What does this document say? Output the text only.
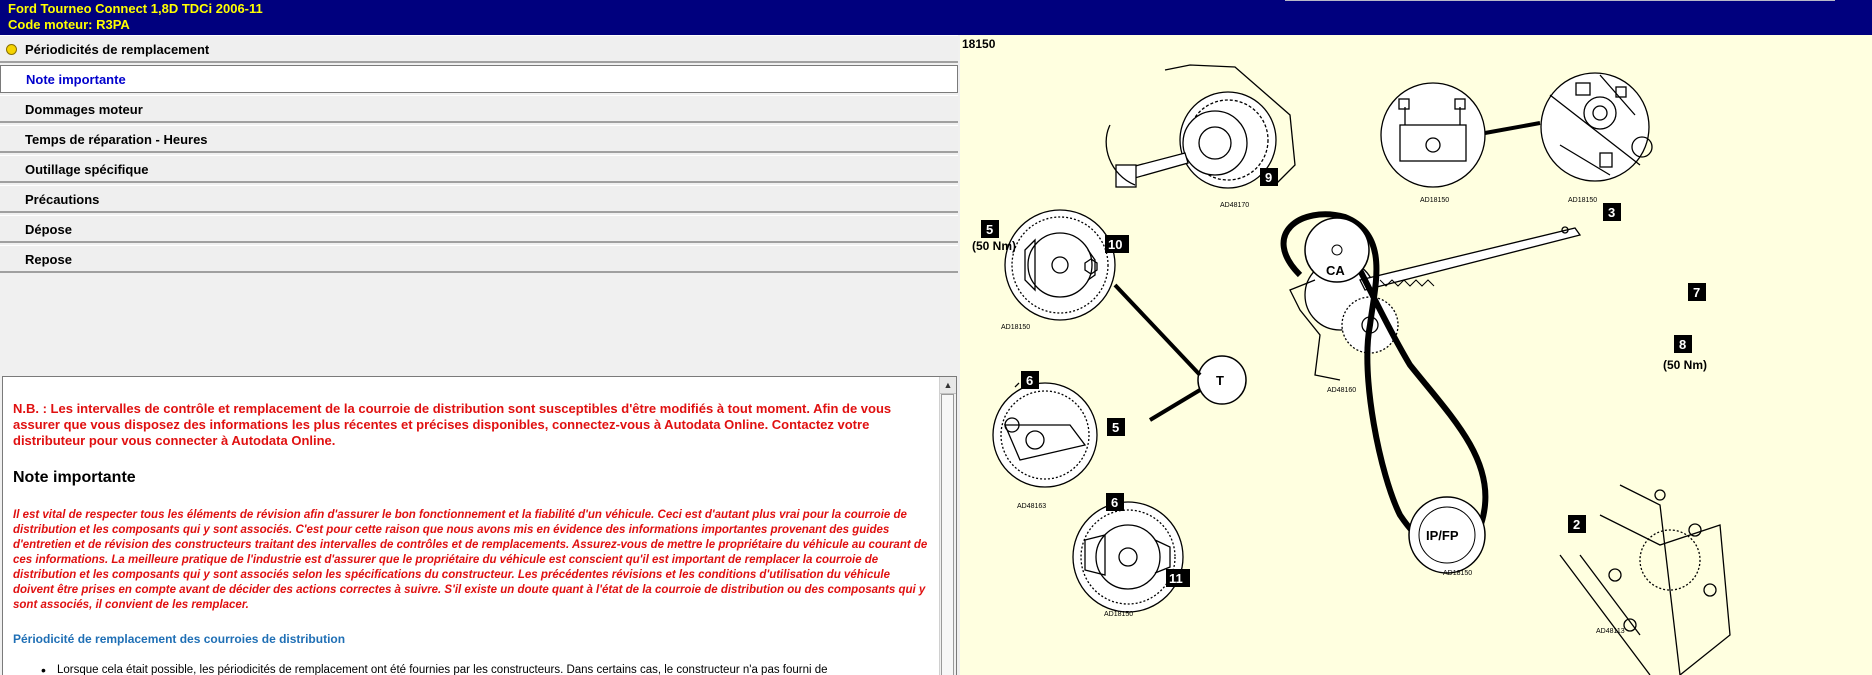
Ford Tourneo Connect 1,8D TDCi 2006-11
Code moteur: R3PA
Périodicités de remplacement
Note importante
Dommages moteur
Temps de réparation - Heures
Outillage spécifique
Précautions
Dépose
Repose
N.B. : Les intervalles de contrôle et remplacement de la courroie de distribution sont susceptibles d'être modifiés à tout moment. Afin de vous assurer que vous disposez des informations les plus récentes et précises disponibles, connectez-vous à Autodata Online. Contactez votre distributeur pour vous connecter à Autodata Online.
Note importante
Il est vital de respecter tous les éléments de révision afin d'assurer le bon fonctionnement et la fiabilité d'un véhicule. Ceci est d'autant plus vrai pour la courroie de distribution et les composants qui y sont associés. C'est pour cette raison que nous avons mis en évidence des informations importantes provenant des guides d'entretien et de révision des constructeurs traitant des intervalles de contrôles et de remplacements. Assurez-vous de mettre le propriétaire du véhicule au courant de ces informations. La meilleure pratique de l'industrie est d'assurer que le propriétaire du véhicule est conscient qu'il est important de remplacer la courroie de distribution et les composants qui y sont associés selon les spécifications du constructeur. Les précédentes révisions et les conditions d'utilisation du véhicule doivent être prises en compte avant de décider des actions correctes à suivre. S'il existe un doute quant à l'état de la courroie de distribution ou des composants qui y sont associés, il convient de les remplacer.
Périodicité de remplacement des courroies de distribution
• Lorsque cela était possible, les périodicités de remplacement ont été fournies par les constructeurs. Dans certains cas, le constructeur n'a pas fourni de
▲
9
3
5
10
7
8
6
5
6
11
2
(50 Nm)
(50 Nm)
CA
T
IP/FP
AD48170
AD18150	AD18150
AD18150
AD48160
AD48163
AD18150
AD18150
AD48113
18150
